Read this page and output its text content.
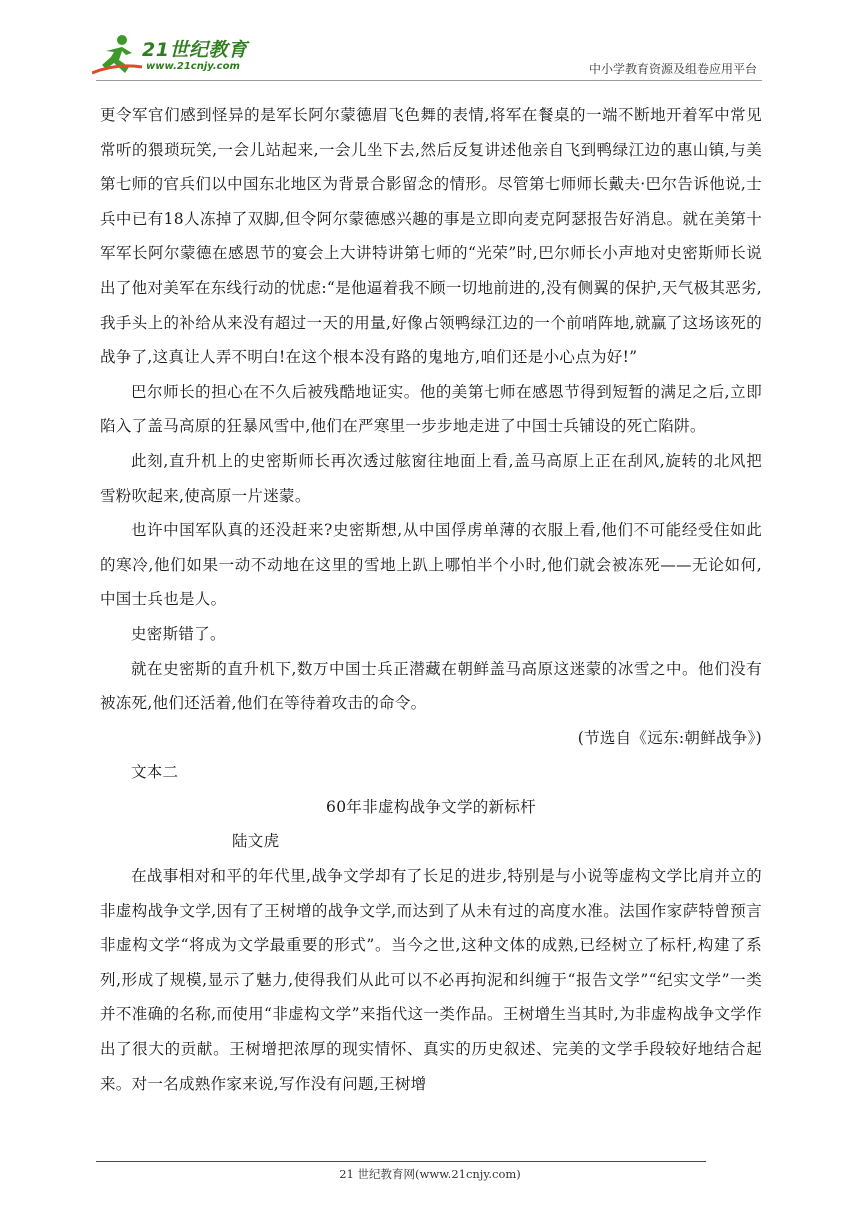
21世纪教育
www.21cnjy.com	中小学教育资源及组卷应用平台

更令军官们感到怪异的是军长阿尔蒙德眉飞色舞的表情,将军在餐桌的一端不断地开着军中常见常听的猥琐玩笑,一会儿站起来,一会儿坐下去,然后反复讲述他亲自飞到鸭绿江边的惠山镇,与美第七师的官兵们以中国东北地区为背景合影留念的情形。尽管第七师师长戴夫·巴尔告诉他说,士兵中已有18人冻掉了双脚,但令阿尔蒙德感兴趣的事是立即向麦克阿瑟报告好消息。就在美第十军军长阿尔蒙德在感恩节的宴会上大讲特讲第七师的“光荣”时,巴尔师长小声地对史密斯师长说出了他对美军在东线行动的忧虑:“是他逼着我不顾一切地前进的,没有侧翼的保护,天气极其恶劣,我手头上的补给从来没有超过一天的用量,好像占领鸭绿江边的一个前哨阵地,就赢了这场该死的战争了,这真让人弄不明白!在这个根本没有路的鬼地方,咱们还是小心点为好!”

巴尔师长的担心在不久后被残酷地证实。他的美第七师在感恩节得到短暂的满足之后,立即陷入了盖马高原的狂暴风雪中,他们在严寒里一步步地走进了中国士兵铺设的死亡陷阱。

此刻,直升机上的史密斯师长再次透过舷窗往地面上看,盖马高原上正在刮风,旋转的北风把雪粉吹起来,使高原一片迷蒙。

也许中国军队真的还没赶来?史密斯想,从中国俘虏单薄的衣服上看,他们不可能经受住如此的寒冷,他们如果一动不动地在这里的雪地上趴上哪怕半个小时,他们就会被冻死——无论如何,中国士兵也是人。

史密斯错了。

就在史密斯的直升机下,数万中国士兵正潜藏在朝鲜盖马高原这迷蒙的冰雪之中。他们没有被冻死,他们还活着,他们在等待着攻击的命令。

(节选自《远东:朝鲜战争》)

文本二

60年非虚构战争文学的新标杆

陆文虎

在战事相对和平的年代里,战争文学却有了长足的进步,特别是与小说等虚构文学比肩并立的非虚构战争文学,因有了王树增的战争文学,而达到了从未有过的高度水准。法国作家萨特曾预言非虚构文学“将成为文学最重要的形式”。当今之世,这种文体的成熟,已经树立了标杆,构建了系列,形成了规模,显示了魅力,使得我们从此可以不必再拘泥和纠缠于“报告文学”“纪实文学”一类并不准确的名称,而使用“非虚构文学”来指代这一类作品。王树增生当其时,为非虚构战争文学作出了很大的贡献。王树增把浓厚的现实情怀、真实的历史叙述、完美的文学手段较好地结合起来。对一名成熟作家来说,写作没有问题,王树增

21 世纪教育网(www.21cnjy.com)
